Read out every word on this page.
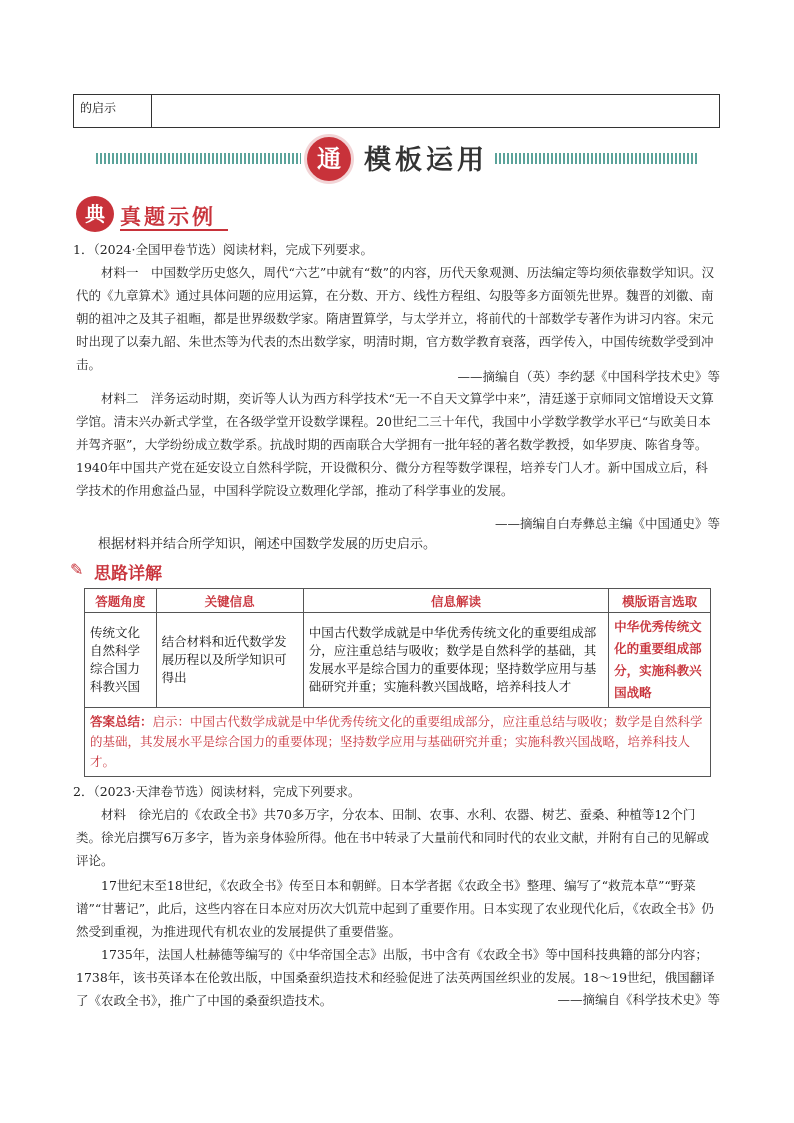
的启示
通 模板运用
典 真题示例
1．（2024·全国甲卷节选）阅读材料，完成下列要求。
材料一　中国数学历史悠久，周代“六艺”中就有“数”的内容，历代天象观测、历法编定等均须依靠数学知识。汉代的《九章算术》通过具体问题的应用运算，在分数、开方、线性方程组、勾股等多方面领先世界。魏晋的刘徽、南朝的祖冲之及其子祖暅，都是世界级数学家。隋唐置算学，与太学并立，将前代的十部数学专著作为讲习内容。宋元时出现了以秦九韶、朱世杰等为代表的杰出数学家，明清时期，官方数学教育衰落，西学传入，中国传统数学受到冲击。
——摘编自（英）李约瑟《中国科学技术史》等
材料二　洋务运动时期，奕䜣等人认为西方科学技术“无一不自天文算学中来”，清廷遂于京师同文馆增设天文算学馆。清末兴办新式学堂，在各级学堂开设数学课程。20世纪二三十年代，我国中小学数学教学水平已“与欧美日本并驾齐驱”，大学纷纷成立数学系。抗战时期的西南联合大学拥有一批年轻的著名数学教授，如华罗庚、陈省身等。1940年中国共产党在延安设立自然科学院，开设微积分、微分方程等数学课程，培养专门人才。新中国成立后，科学技术的作用愈益凸显，中国科学院设立数理化学部，推动了科学事业的发展。
——摘编自白寿彝总主编《中国通史》等
根据材料并结合所学知识，阐述中国数学发展的历史启示。
✎ 思路详解
答题角度	关键信息	信息解读	模版语言选取
传统文化自然科学综合国力科教兴国	结合材料和近代数学发展历程以及所学知识可得出	中国古代数学成就是中华优秀传统文化的重要组成部分，应注重总结与吸收；数学是自然科学的基础，其发展水平是综合国力的重要体现；坚持数学应用与基础研究并重；实施科教兴国战略，培养科技人才	中华优秀传统文化的重要组成部分，实施科教兴国战略
答案总结：启示：中国古代数学成就是中华优秀传统文化的重要组成部分，应注重总结与吸收；数学是自然科学的基础，其发展水平是综合国力的重要体现；坚持数学应用与基础研究并重；实施科教兴国战略，培养科技人才。			
2．（2023·天津卷节选）阅读材料，完成下列要求。
材料　徐光启的《农政全书》共70多万字，分农本、田制、农事、水利、农器、树艺、蚕桑、种植等12个门类。徐光启撰写6万多字，皆为亲身体验所得。他在书中转录了大量前代和同时代的农业文献，并附有自己的见解或评论。
17世纪末至18世纪，《农政全书》传至日本和朝鲜。日本学者据《农政全书》整理、编写了“救荒本草”“野菜谱”“甘薯记”，此后，这些内容在日本应对历次大饥荒中起到了重要作用。日本实现了农业现代化后，《农政全书》仍然受到重视，为推进现代有机农业的发展提供了重要借鉴。
1735年，法国人杜赫德等编写的《中华帝国全志》出版，书中含有《农政全书》等中国科技典籍的部分内容；1738年，该书英译本在伦敦出版，中国桑蚕织造技术和经验促进了法英两国丝织业的发展。18～19世纪，俄国翻译了《农政全书》，推广了中国的桑蚕织造技术。	——摘编自《科学技术史》等
